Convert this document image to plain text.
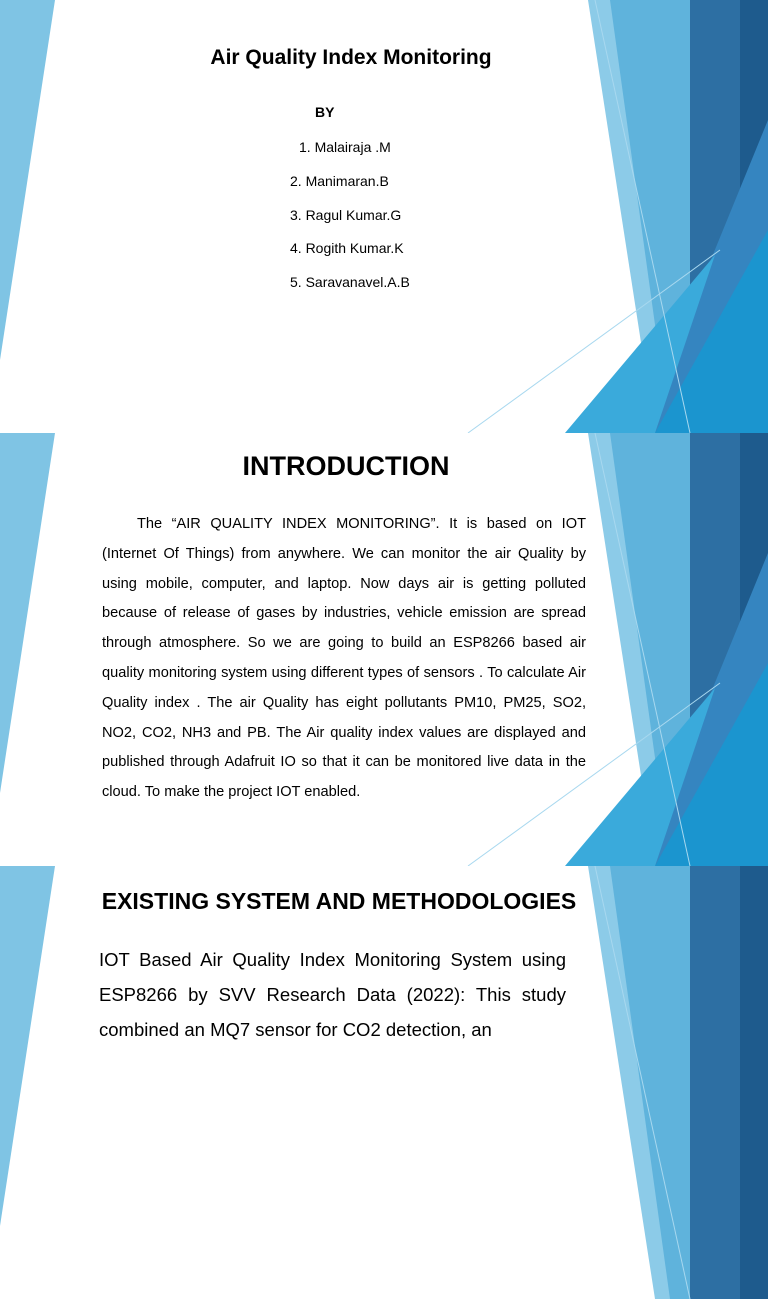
Air Quality Index Monitoring
BY
1. Malairaja .M
2. Manimaran.B
3. Ragul Kumar.G
4. Rogith Kumar.K
5. Saravanavel.A.B
INTRODUCTION

The “AIR QUALITY INDEX MONITORING”. It is based on IOT (Internet Of Things) from anywhere. We can monitor the air Quality by using mobile, computer, and laptop. Now days air is getting polluted because of release of gases by industries, vehicle emission are spread through atmosphere. So we are going to build an ESP8266 based air quality monitoring system using different types of sensors . To calculate Air Quality index . The air Quality has eight pollutants PM10, PM25, SO2, NO2, CO2, NH3 and PB. The Air quality index values are displayed and published through Adafruit IO so that it can be monitored live data in the cloud. To make the project IOT enabled.

EXISTING SYSTEM AND METHODOLOGIES

IOT Based Air Quality Index Monitoring System using ESP8266 by SVV Research Data (2022): This study combined an MQ7 sensor for CO2 detection, an
